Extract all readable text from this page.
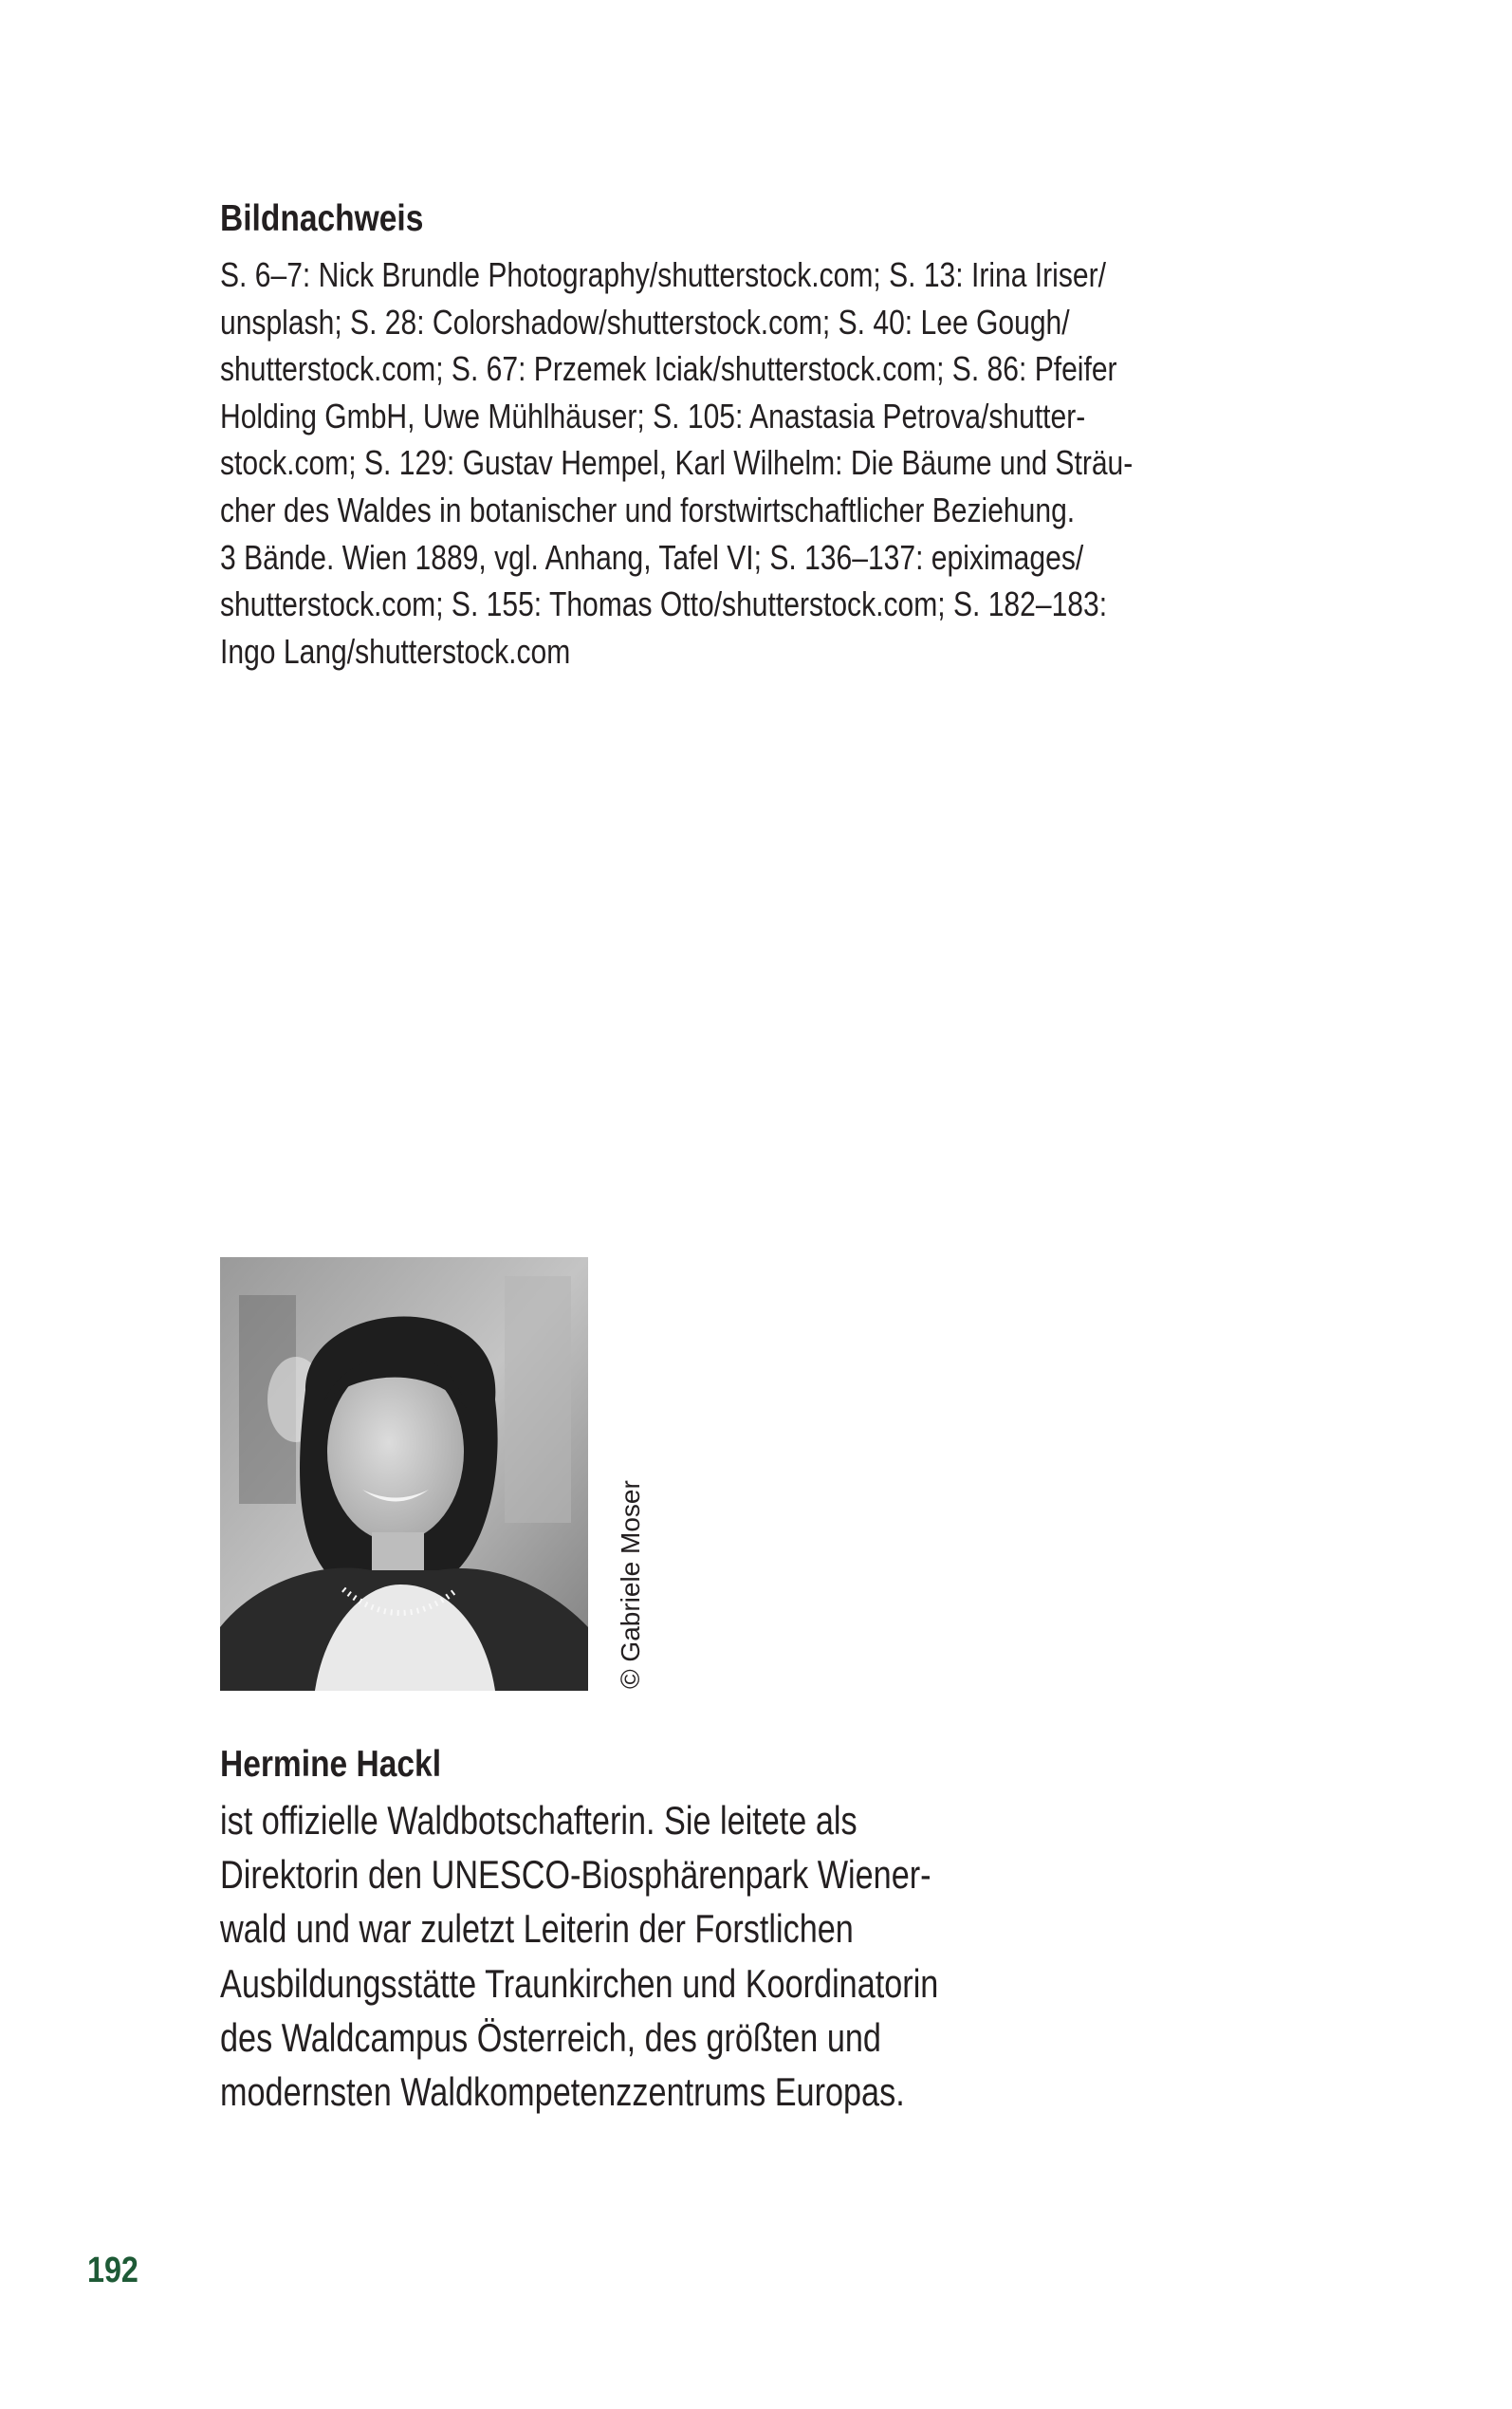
Bildnachweis
S. 6–7: Nick Brundle Photography/shutterstock.com; S. 13: Irina Iriser/
unsplash; S. 28: Colorshadow/shutterstock.com; S. 40: Lee Gough/
shutterstock.com; S. 67: Przemek Iciak/shutterstock.com; S. 86: Pfeifer
Holding GmbH, Uwe Mühlhäuser; S. 105: Anastasia Petrova/shutter-
stock.com; S. 129: Gustav Hempel, Karl Wilhelm: Die Bäume und Sträu-
cher des Waldes in botanischer und forstwirtschaftlicher Beziehung.
3 Bände. Wien 1889, vgl. Anhang, Tafel VI; S. 136–137: epiximages/
shutterstock.com; S. 155: Thomas Otto/shutterstock.com; S. 182–183:
Ingo Lang/shutterstock.com
© Gabriele Moser
Hermine Hackl
ist offizielle Waldbotschafterin. Sie leitete als
Direktorin den UNESCO-Biosphärenpark Wiener-
wald und war zuletzt Leiterin der Forstlichen
Ausbildungsstätte Traunkirchen und Koordinatorin
des Waldcampus Österreich, des größten und
modernsten Waldkompetenzzentrums Europas.
192
